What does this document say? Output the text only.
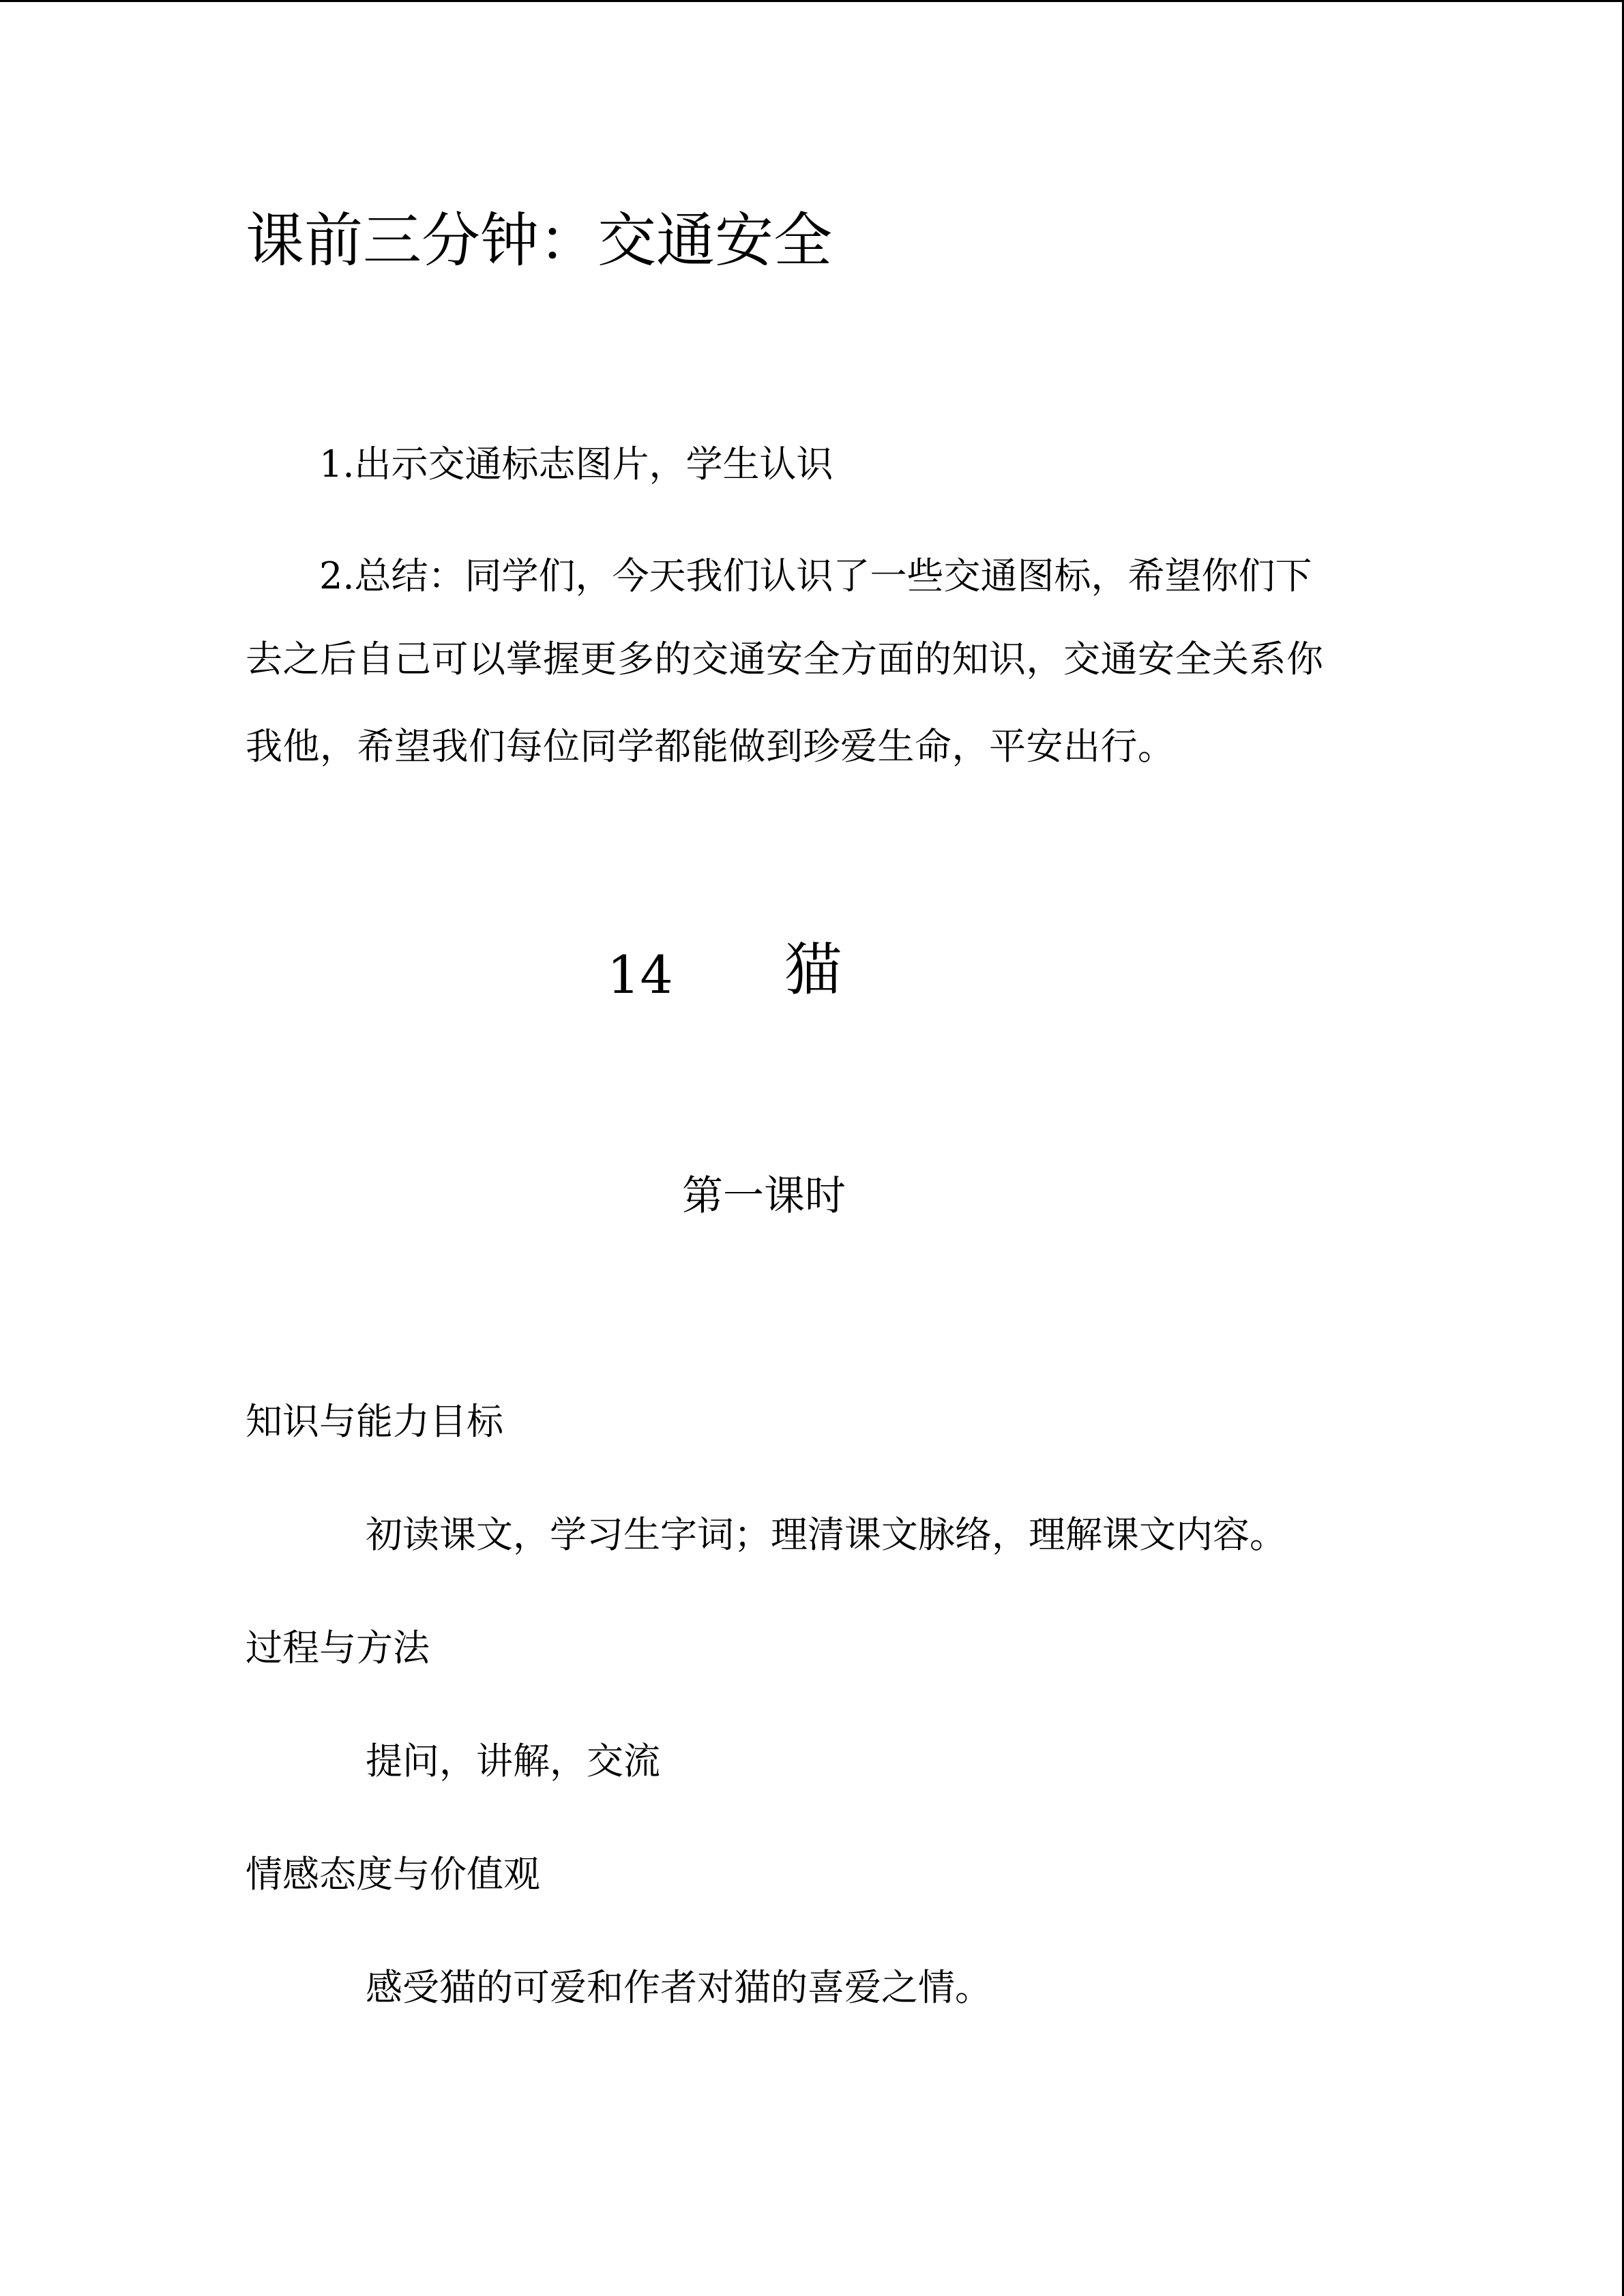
课前三分钟：交通安全
1.出示交通标志图片，学生认识
2.总结：同学们，今天我们认识了一些交通图标，希望你们下
去之后自己可以掌握更多的交通安全方面的知识，交通安全关系你
我他，希望我们每位同学都能做到珍爱生命，平安出行。
14 猫
第一课时
知识与能力目标
初读课文，学习生字词；理清课文脉络，理解课文内容。
过程与方法
提问，讲解，交流
情感态度与价值观
感受猫的可爱和作者对猫的喜爱之情。
